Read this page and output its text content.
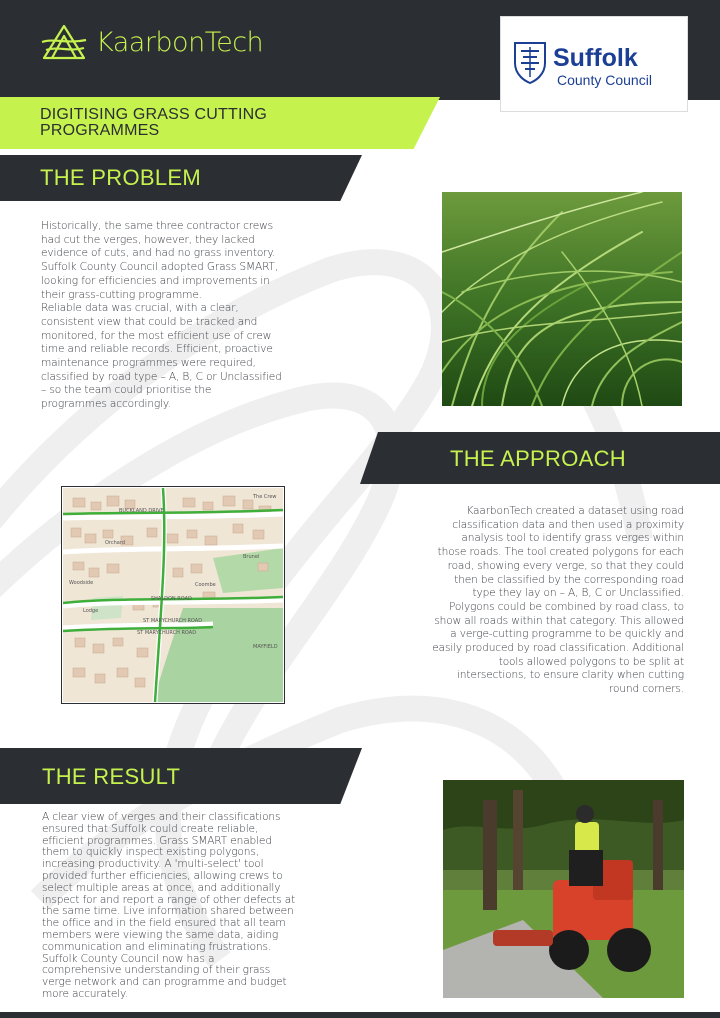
KaarbonTech
Suffolk
County Council
DIGITISING GRASS CUTTING
PROGRAMMES
THE PROBLEM
Historically, the same three contractor crews
had cut the verges, however, they lacked
evidence of cuts, and had no grass inventory.
Suffolk County Council adopted Grass SMART,
looking for efficiencies and improvements in
their grass-cutting programme.
Reliable data was crucial, with a clear,
consistent view that could be tracked and
monitored, for the most efficient use of crew
time and reliable records. Efficient, proactive
maintenance programmes were required,
classified by road type – A, B, C or Unclassified
– so the team could prioritise the
programmes accordingly.
THE APPROACH
BUCKLAND DRIVE
Orchard
Woodside	Coombe
ST MARYCHURCH ROAD
ST MARYCHURCH ROAD
SHALDON ROAD
The Crew
Brunel
Lodge
MAYFIELD
KaarbonTech created a dataset using road
classification data and then used a proximity
analysis tool to identify grass verges within
those roads. The tool created polygons for each
road, showing every verge, so that they could
then be classified by the corresponding road
type they lay on – A, B, C or Unclassified.
Polygons could be combined by road class, to
show all roads within that category. This allowed
a verge-cutting programme to be quickly and
easily produced by road classification. Additional
tools allowed polygons to be split at
intersections, to ensure clarity when cutting
round corners.
THE RESULT
A clear view of verges and their classifications
ensured that Suffolk could create reliable,
efficient programmes. Grass SMART enabled
them to quickly inspect existing polygons,
increasing productivity. A 'multi-select' tool
provided further efficiencies, allowing crews to
select multiple areas at once, and additionally
inspect for and report a range of other defects at
the same time. Live information shared between
the office and in the field ensured that all team
members were viewing the same data, aiding
communication and eliminating frustrations.
Suffolk County Council now has a
comprehensive understanding of their grass
verge network and can programme and budget
more accurately.
